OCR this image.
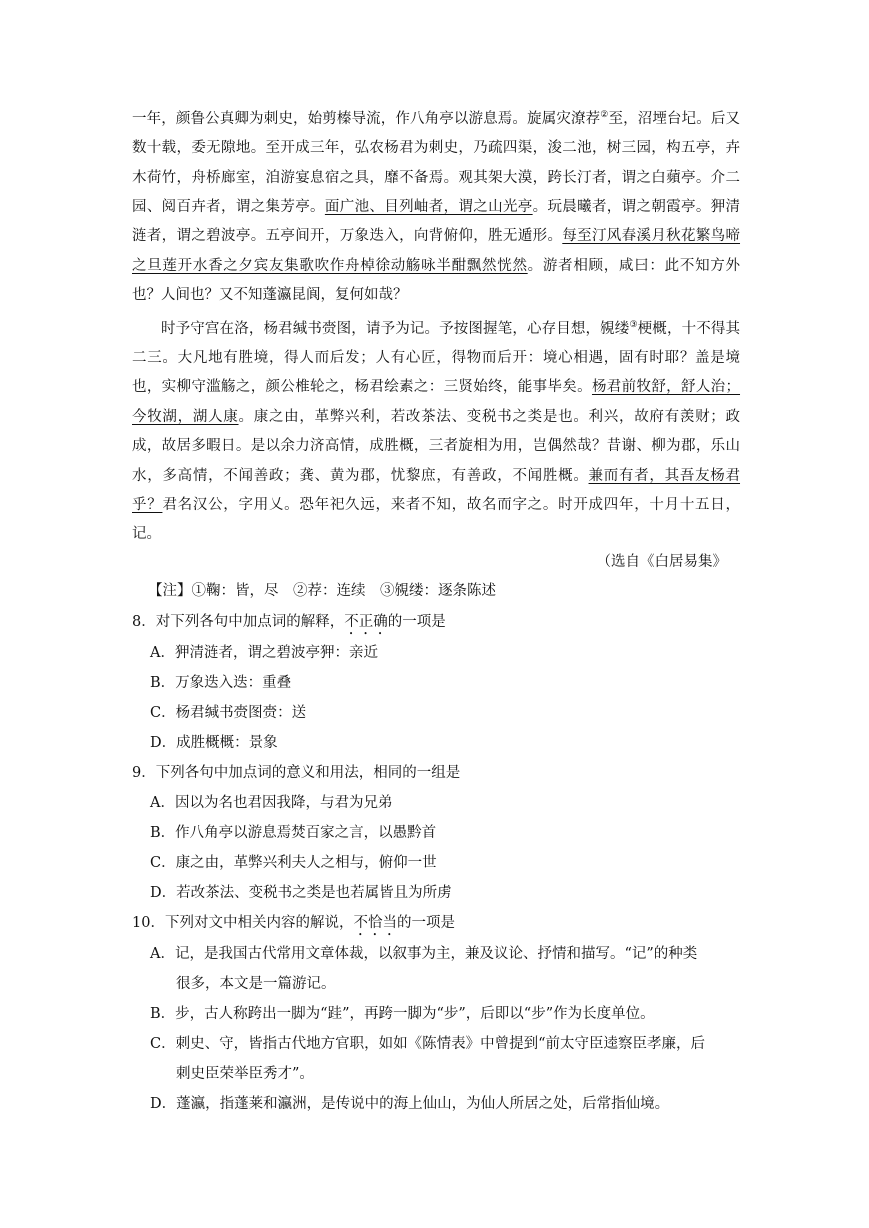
一年，颜鲁公真卿为刺史，始剪榛导流，作八角亭以游息焉。旋属灾潦荐②至，沼堙台圮。后又数十载，委无隙地。至开成三年，弘农杨君为刺史，乃疏四渠，浚二池，树三园，构五亭，卉木荷竹，舟桥廊室，洎游宴息宿之具，靡不备焉。观其架大漠，跨长汀者，谓之白蘋亭。介二园、阅百卉者，谓之集芳亭。面广池、目列岫者，谓之山光亭。玩晨曦者，谓之朝霞亭。狎清涟者，谓之碧波亭。五亭间开，万象迭入，向背俯仰，胜无遁形。每至汀风春溪月秋花繁鸟啼之旦莲开水香之夕宾友集歌吹作舟棹徐动觞咏半酣飘然恍然。游者相顾，咸曰：此不知方外也？人间也？又不知蓬瀛昆阆，复何如哉？

时予守宫在洛，杨君缄书赍图，请予为记。予按图握笔，心存目想，覙缕③梗概，十不得其二三。大凡地有胜境，得人而后发；人有心匠，得物而后开：境心相遇，固有时耶？盖是境也，实柳守滥觞之，颜公椎轮之，杨君绘素之：三贤始终，能事毕矣。杨君前牧舒，舒人治；今牧湖，湖人康。康之由，革弊兴利，若改茶法、变税书之类是也。利兴，故府有羡财；政成，故居多暇日。是以余力济高情，成胜概，三者旋相为用，岂偶然哉？昔谢、柳为郡，乐山水，多高情，不闻善政；龚、黄为郡，忧黎庶，有善政，不闻胜概。兼而有者，其吾友杨君乎？君名汉公，字用乂。恐年祀久远，来者不知，故名而字之。时开成四年，十月十五日，记。

（选自《白居易集》
【注】①鞠：皆，尽　②荐：连续　③覙缕：逐条陈述
8．对下列各句中加点词的解释，不正确的一项是
A．狎清涟者，谓之碧波亭狎：亲近
B．万象迭入迭：重叠
C．杨君缄书赍图赍：送
D．成胜概概：景象
9．下列各句中加点词的意义和用法，相同的一组是
A．因以为名也君因我降，与君为兄弟
B．作八角亭以游息焉焚百家之言，以愚黔首
C．康之由，革弊兴利夫人之相与，俯仰一世
D．若改茶法、变税书之类是也若属皆且为所虏
10．下列对文中相关内容的解说，不恰当的一项是
A．记，是我国古代常用文章体裁，以叙事为主，兼及议论、抒情和描写。“记”的种类
很多，本文是一篇游记。
B．步，古人称跨出一脚为“跬”，再跨一脚为“步”，后即以“步”作为长度单位。
C．刺史、守，皆指古代地方官职，如如《陈情表》中曾提到“前太守臣逵察臣孝廉，后
刺史臣荣举臣秀才”。
D．蓬瀛，指蓬莱和瀛洲，是传说中的海上仙山，为仙人所居之处，后常指仙境。
